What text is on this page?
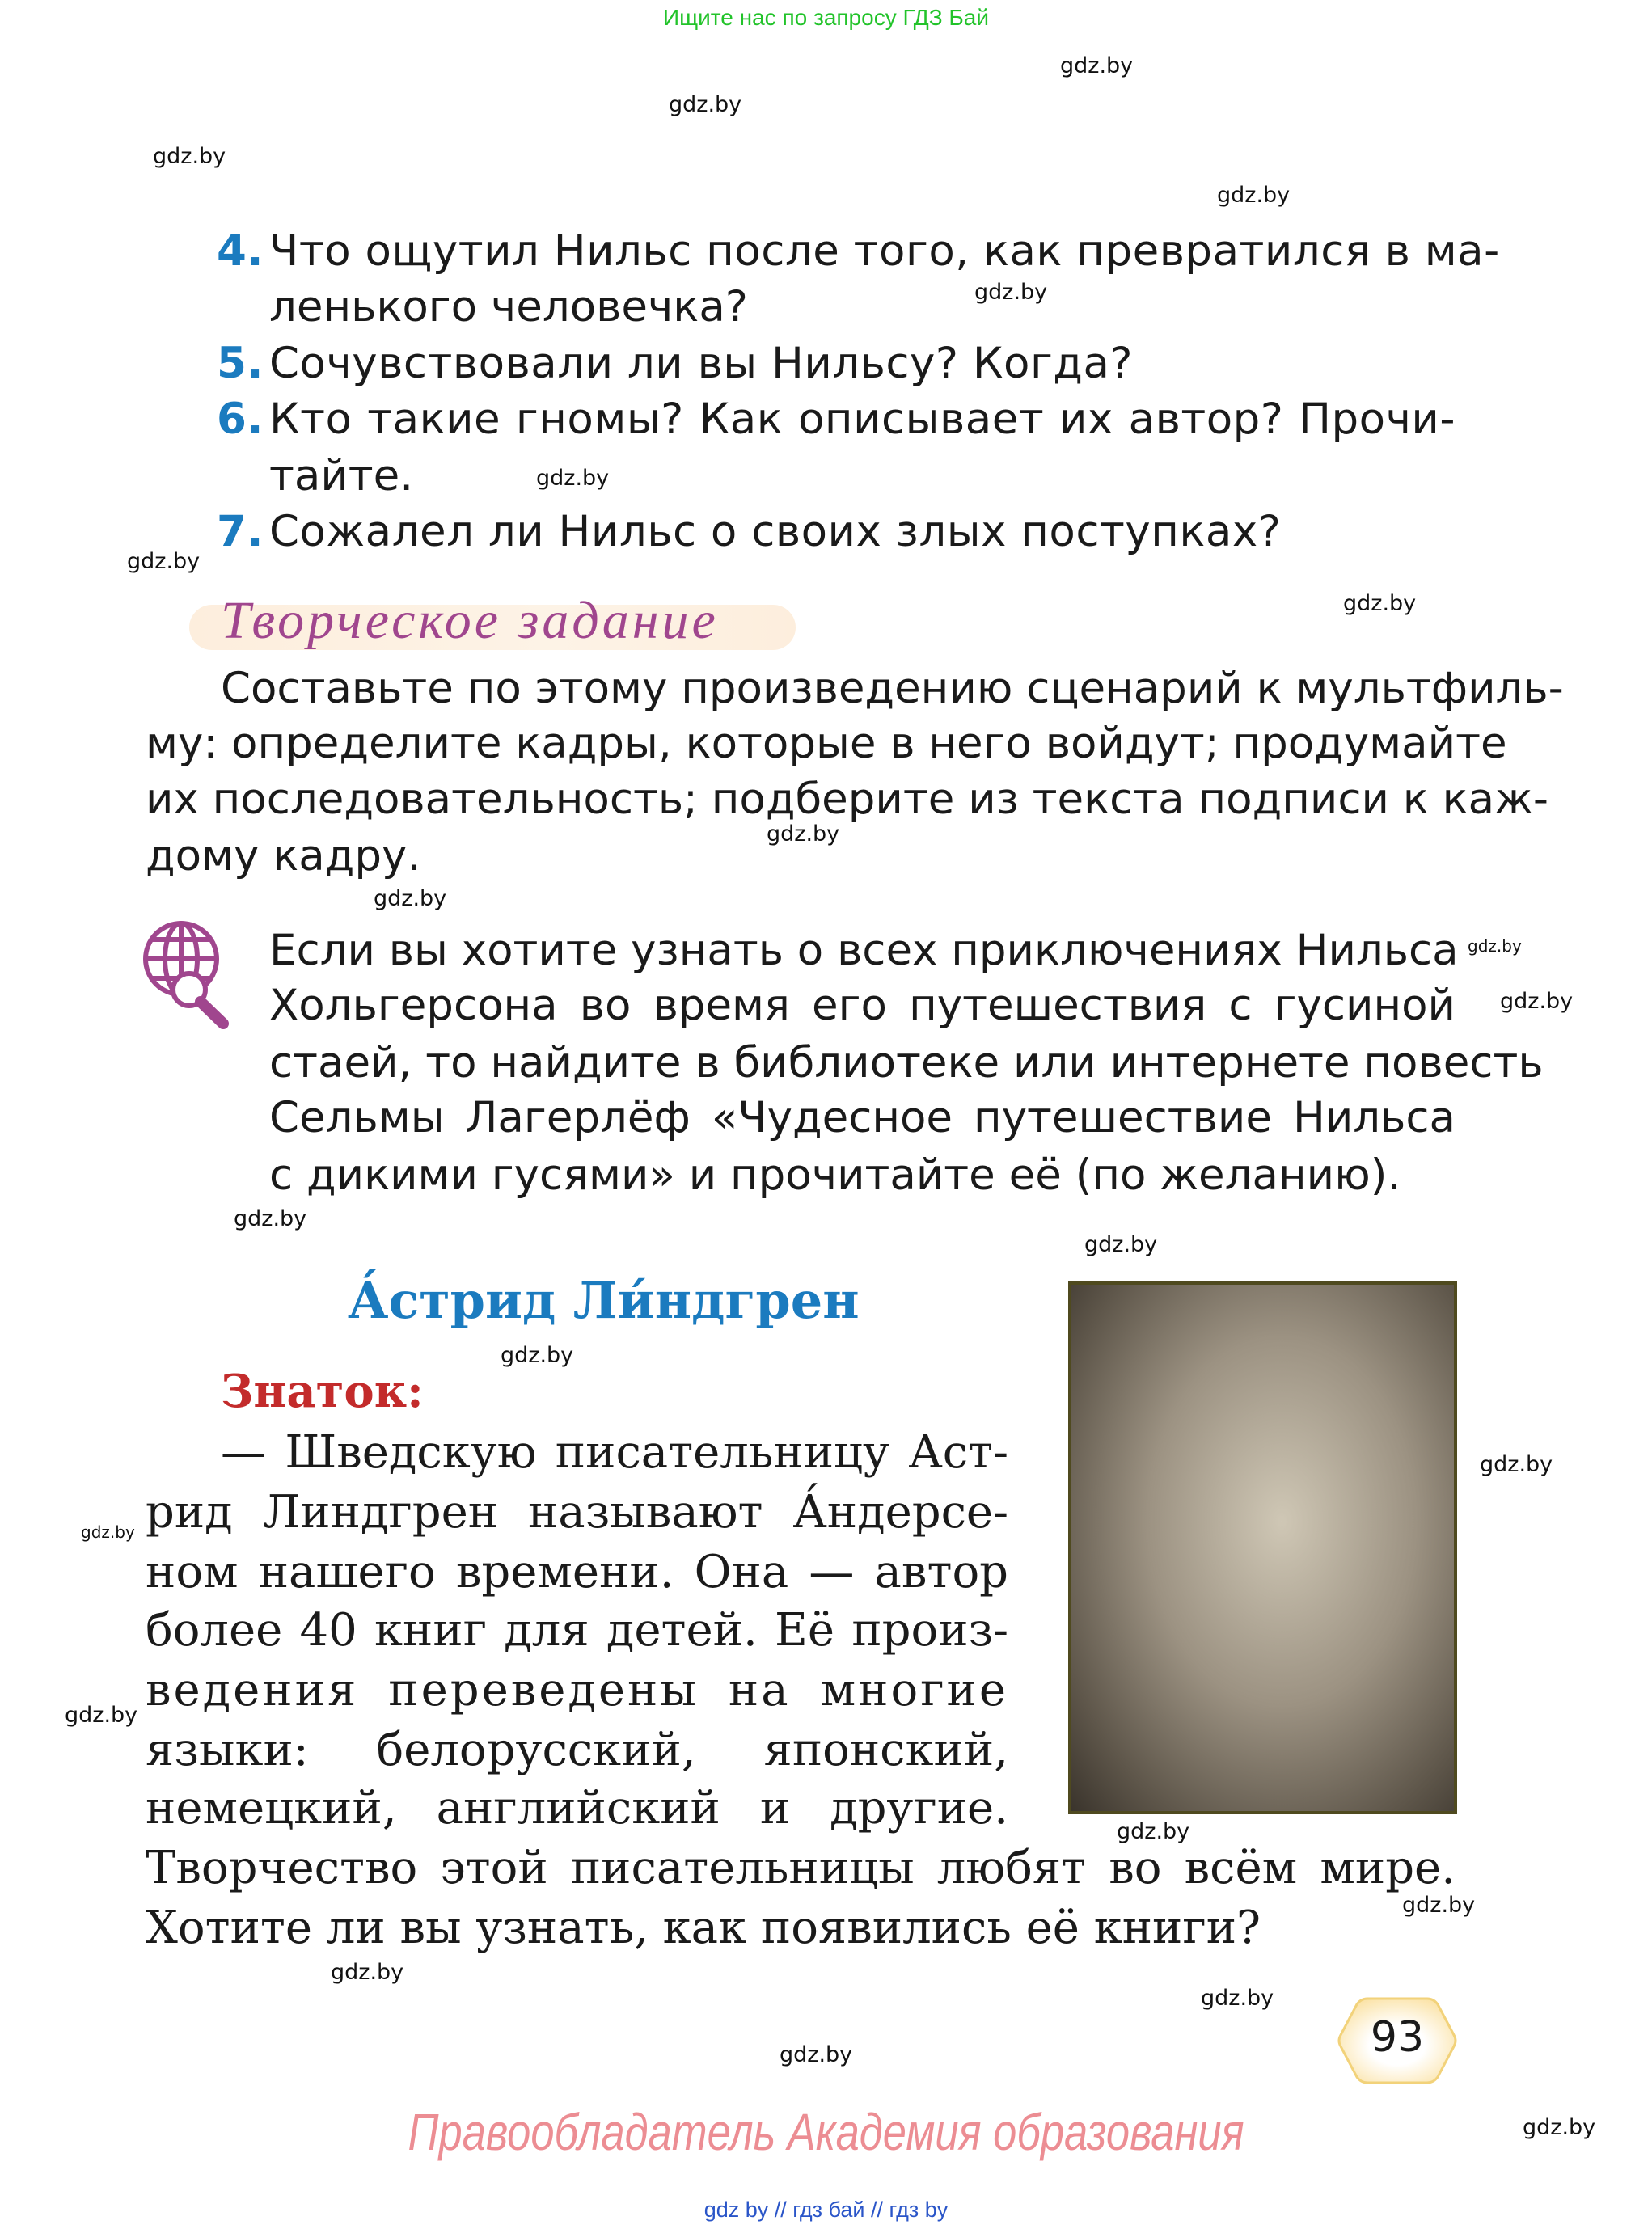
Ищите нас по запросу ГДЗ Бай
gdz.by
gdz.by
gdz.by
gdz.by
gdz.by
gdz.by
gdz.by
gdz.by
gdz.by
gdz.by
gdz.by
gdz.by
gdz.by
gdz.by
gdz.by
gdz.by
gdz.by
gdz.by
gdz.by
gdz.by
gdz.by
gdz.by
gdz.by
gdz.by
4. Что ощутил Нильс после того, как превратился в ма-
ленького человечка?
5. Сочувствовали ли вы Нильсу? Когда?
6. Кто такие гномы? Как описывает их автор? Прочи-
тайте.
7. Сожалел ли Нильс о своих злых поступках?
Творческое задание
Составьте по этому произведению сценарий к мультфиль-
му: определите кадры, которые в него войдут; продумайте
их последовательность; подберите из текста подписи к каж-
дому кадру.
Если вы хотите узнать о всех приключениях Нильса
Хольгерсона во время его путешествия с гусиной
стаей, то найдите в библиотеке или интернете повесть
Сельмы Лагерлёф «Чудесное путешествие Нильса
с дикими гусями» и прочитайте её (по желанию).
А́стрид Ли́ндгрен
Знаток:
— Шведскую писательницу Аст-
рид Линдгрен называют А́ндерсе-
ном нашего времени. Она — автор
более 40 книг для детей. Её произ-
ведения переведены на многие
языки: белорусский, японский,
немецкий, английский и другие.
Творчество этой писательницы любят во всём мире.
Хотите ли вы узнать, как появились её книги?
93
Правообладатель Академия образования
gdz by // гдз бай // гдз by
